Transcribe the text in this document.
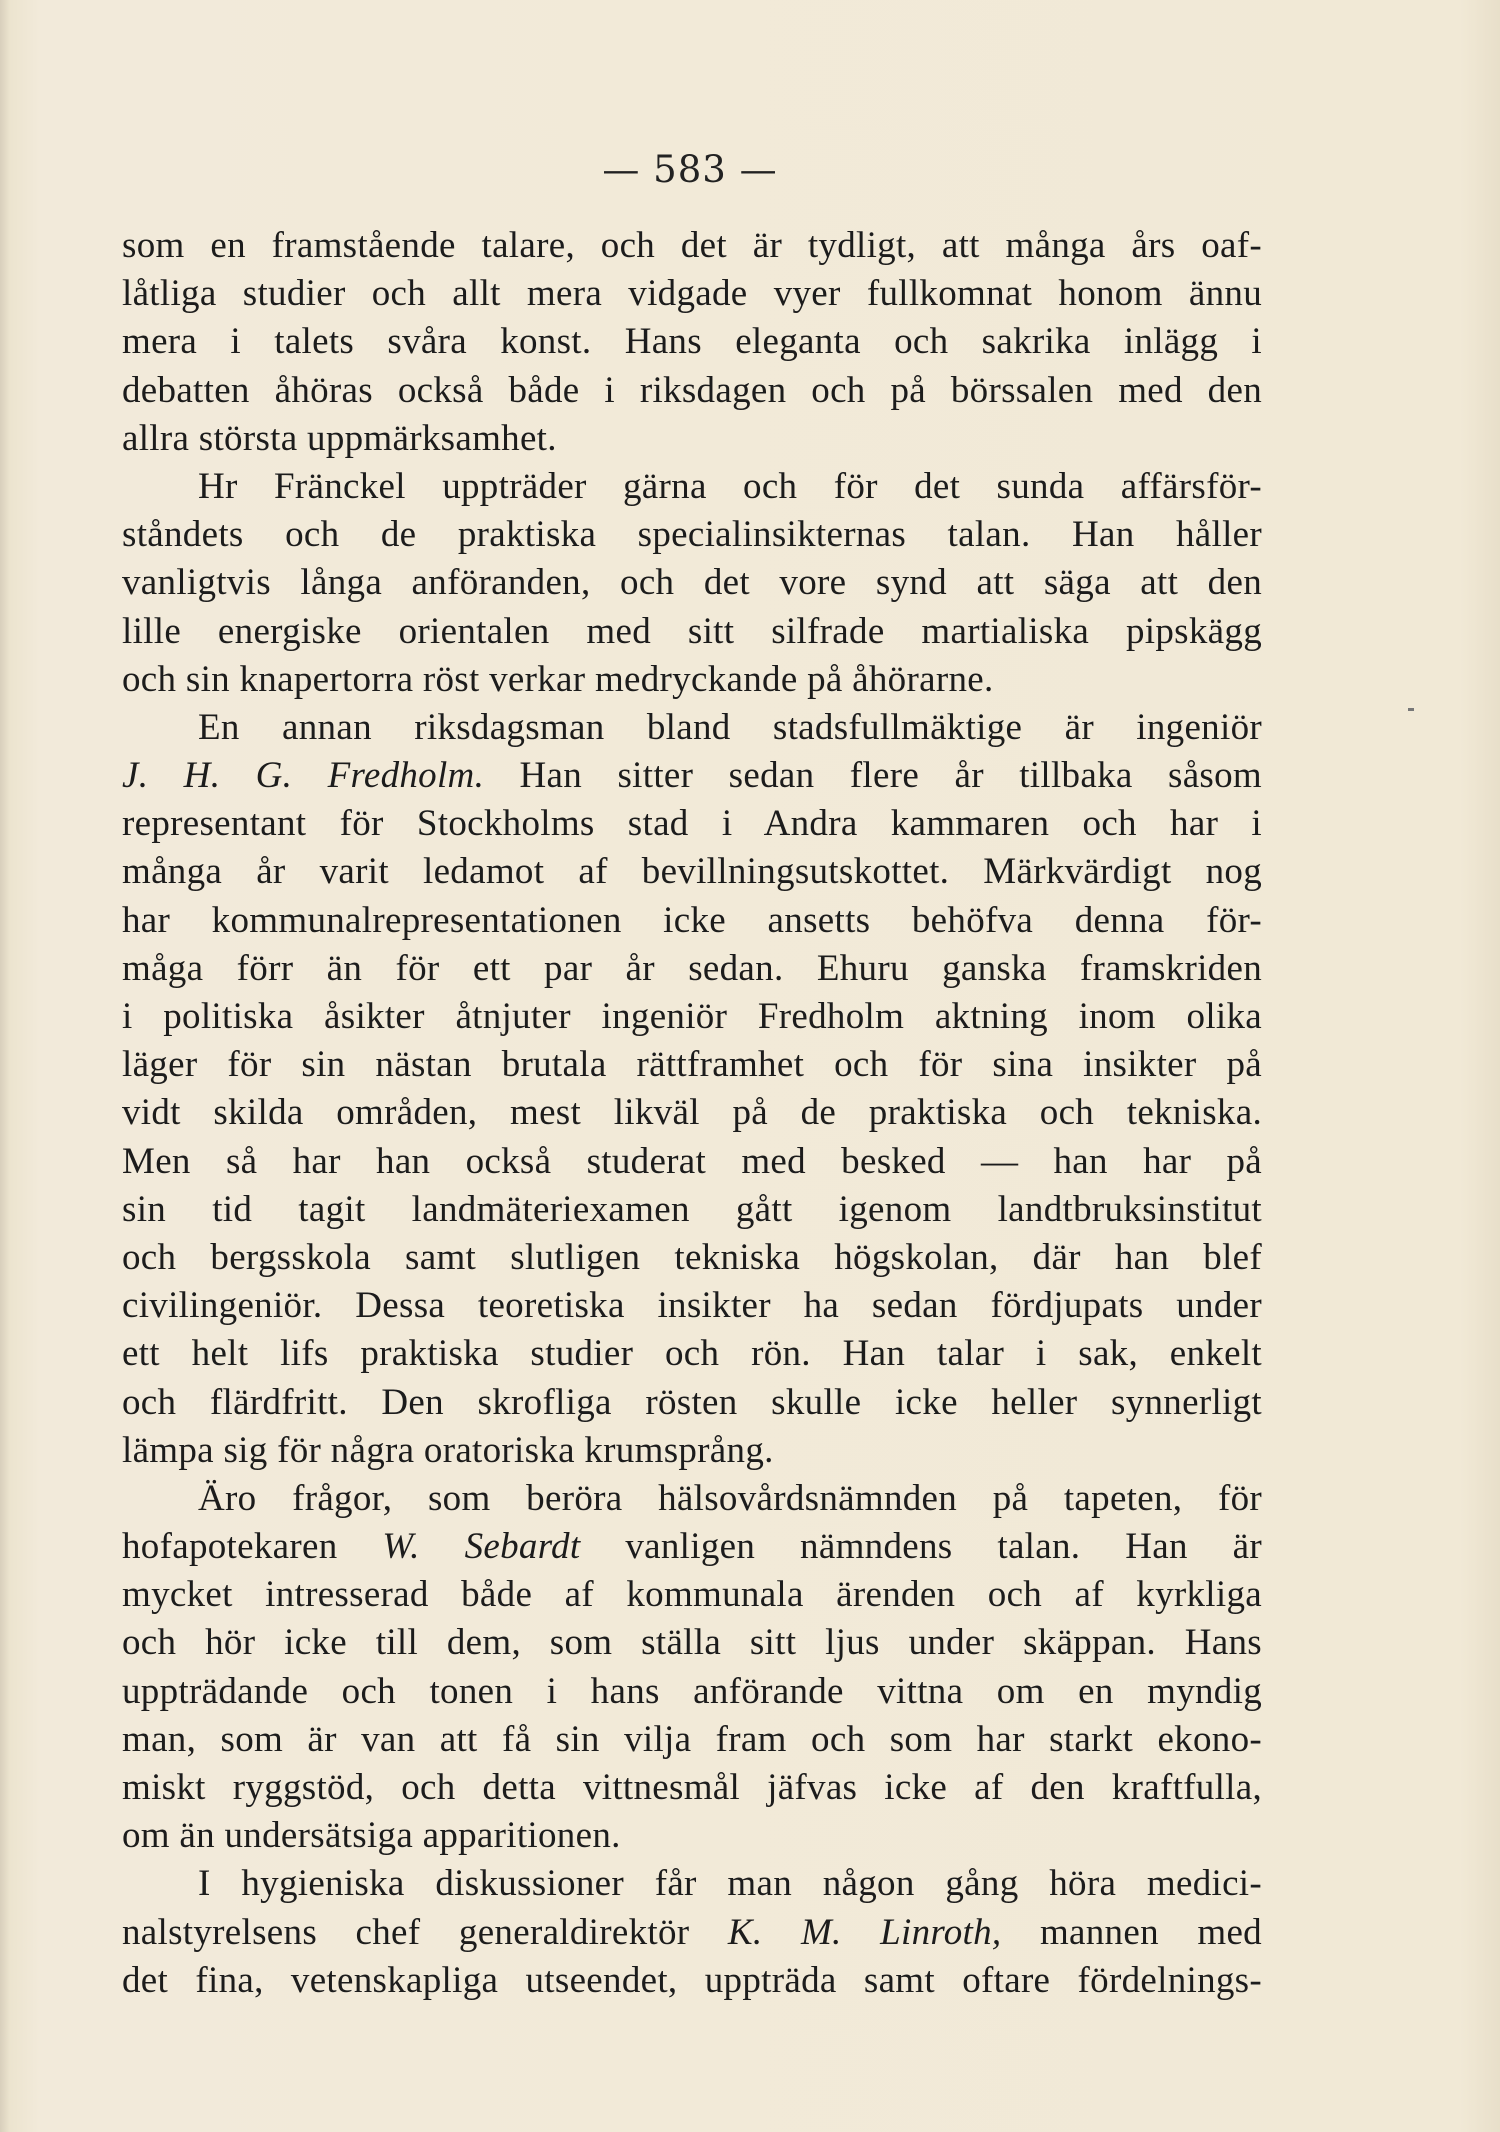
— 583 —
som en framstående talare, och det är tydligt, att många års oaf-
låtliga studier och allt mera vidgade vyer fullkomnat honom ännu
mera i talets svåra konst. Hans eleganta och sakrika inlägg i
debatten åhöras också både i riksdagen och på börssalen med den
allra största uppmärksamhet.
Hr Fränckel uppträder gärna och för det sunda affärsför-
ståndets och de praktiska specialinsikternas talan. Han håller
vanligtvis långa anföranden, och det vore synd att säga att den
lille energiske orientalen med sitt silfrade martialiska pipskägg
och sin knapertorra röst verkar medryckande på åhörarne.
En annan riksdagsman bland stadsfullmäktige är ingeniör
J. H. G. Fredholm. Han sitter sedan flere år tillbaka såsom
representant för Stockholms stad i Andra kammaren och har i
många år varit ledamot af bevillningsutskottet. Märkvärdigt nog
har kommunalrepresentationen icke ansetts behöfva denna för-
måga förr än för ett par år sedan. Ehuru ganska framskriden
i politiska åsikter åtnjuter ingeniör Fredholm aktning inom olika
läger för sin nästan brutala rättframhet och för sina insikter på
vidt skilda områden, mest likväl på de praktiska och tekniska.
Men så har han också studerat med besked — han har på
sin tid tagit landmäteriexamen gått igenom landtbruksinstitut
och bergsskola samt slutligen tekniska högskolan, där han blef
civilingeniör. Dessa teoretiska insikter ha sedan fördjupats under
ett helt lifs praktiska studier och rön. Han talar i sak, enkelt
och flärdfritt. Den skrofliga rösten skulle icke heller synnerligt
lämpa sig för några oratoriska krumsprång.
Äro frågor, som beröra hälsovårdsnämnden på tapeten, för
hofapotekaren W. Sebardt vanligen nämndens talan. Han är
mycket intresserad både af kommunala ärenden och af kyrkliga
och hör icke till dem, som ställa sitt ljus under skäppan. Hans
uppträdande och tonen i hans anförande vittna om en myndig
man, som är van att få sin vilja fram och som har starkt ekono-
miskt ryggstöd, och detta vittnesmål jäfvas icke af den kraftfulla,
om än undersätsiga apparitionen.
I hygieniska diskussioner får man någon gång höra medici-
nalstyrelsens chef generaldirektör K. M. Linroth, mannen med
det fina, vetenskapliga utseendet, uppträda samt oftare fördelnings-
